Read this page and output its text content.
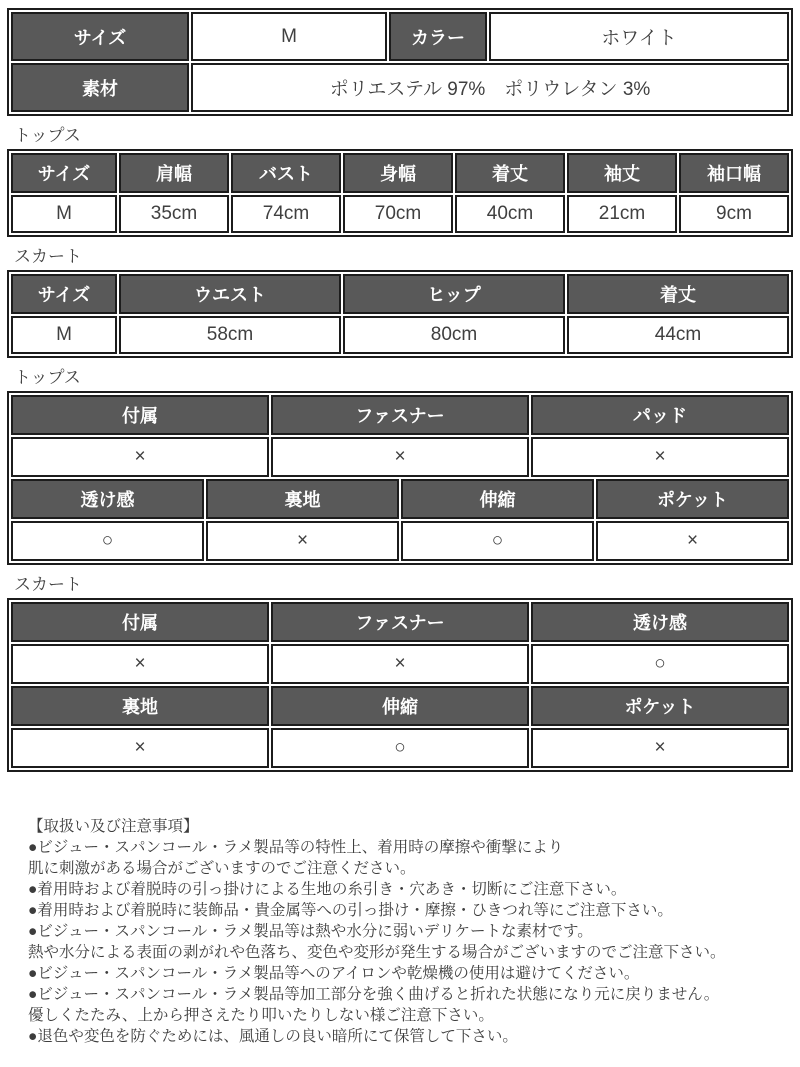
サイズ	M	カラー	ホワイト
素材	ポリエステル 97%　ポリウレタン 3%		
トップス
サイズ	肩幅	バスト	身幅	着丈	袖丈	袖口幅
M	35cm	74cm	70cm	40cm	21cm	9cm
スカート
サイズ	ウエスト	ヒップ	着丈
M	58cm	80cm	44cm
トップス
付属		ファスナー		パッド	
×		×		×	
透け感	裏地		伸縮		ポケット
○	×		○		×
スカート
付属	ファスナー	透け感
×	×	○
裏地	伸縮	ポケット
×	○	×
【取扱い及び注意事項】
●ビジュー・スパンコール・ラメ製品等の特性上、着用時の摩擦や衝撃により
肌に刺激がある場合がございますのでご注意ください。
●着用時および着脱時の引っ掛けによる生地の糸引き・穴あき・切断にご注意下さい。
●着用時および着脱時に装飾品・貴金属等への引っ掛け・摩擦・ひきつれ等にご注意下さい。
●ビジュー・スパンコール・ラメ製品等は熱や水分に弱いデリケートな素材です。
熱や水分による表面の剥がれや色落ち、変色や変形が発生する場合がございますのでご注意下さい。
●ビジュー・スパンコール・ラメ製品等へのアイロンや乾燥機の使用は避けてください。
●ビジュー・スパンコール・ラメ製品等加工部分を強く曲げると折れた状態になり元に戻りません。
優しくたたみ、上から押さえたり叩いたりしない様ご注意下さい。
●退色や変色を防ぐためには、風通しの良い暗所にて保管して下さい。
